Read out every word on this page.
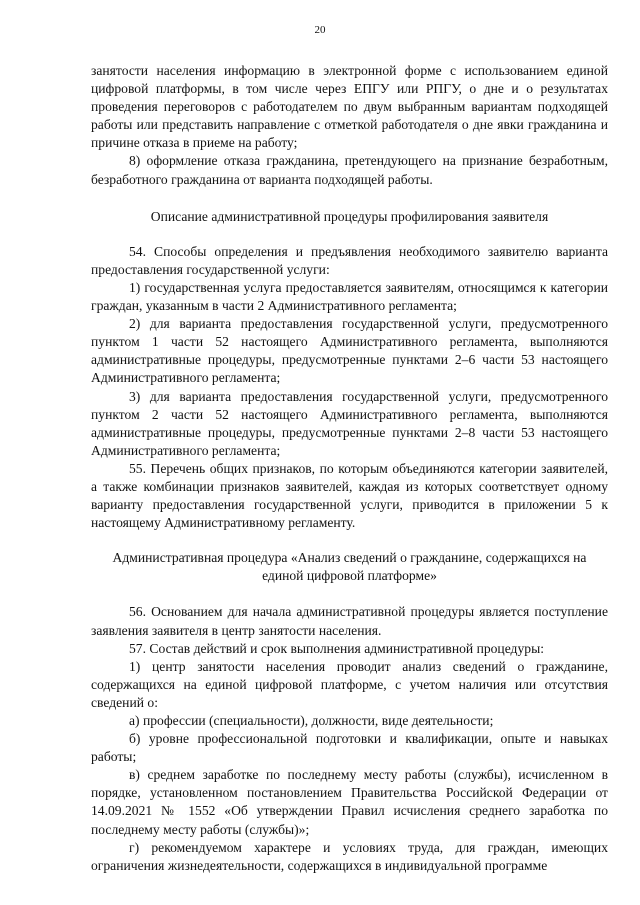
20

занятости населения информацию в электронной форме с использованием единой цифровой платформы, в том числе через ЕПГУ или РПГУ, о дне и о результатах проведения переговоров с работодателем по двум выбранным вариантам подходящей работы или представить направление с отметкой работодателя о дне явки гражданина и причине отказа в приеме на работу;

8) оформление отказа гражданина, претендующего на признание безработным, безработного гражданина от варианта подходящей работы.

Описание административной процедуры профилирования заявителя

54. Способы определения и предъявления необходимого заявителю варианта предоставления государственной услуги:

1) государственная услуга предоставляется заявителям, относящимся к категории граждан, указанным в части 2 Административного регламента;

2) для варианта предоставления государственной услуги, предусмотренного пунктом 1 части 52 настоящего Административного регламента, выполняются административные процедуры, предусмотренные пунктами 2–6 части 53 настоящего Административного регламента;

3) для варианта предоставления государственной услуги, предусмотренного пунктом 2 части 52 настоящего Административного регламента, выполняются административные процедуры, предусмотренные пунктами 2–8 части 53 настоящего Административного регламента;

55. Перечень общих признаков, по которым объединяются категории заявителей, а также комбинации признаков заявителей, каждая из которых соответствует одному варианту предоставления государственной услуги, приводится в приложении 5 к настоящему Административному регламенту.

Административная процедура «Анализ сведений о гражданине, содержащихся на единой цифровой платформе»

56. Основанием для начала административной процедуры является поступление заявления заявителя в центр занятости населения.

57. Состав действий и срок выполнения административной процедуры:

1) центр занятости населения проводит анализ сведений о гражданине, содержащихся на единой цифровой платформе, с учетом наличия или отсутствия сведений о:

а) профессии (специальности), должности, виде деятельности;

б) уровне профессиональной подготовки и квалификации, опыте и навыках работы;

в) среднем заработке по последнему месту работы (службы), исчисленном в порядке, установленном постановлением Правительства Российской Федерации от 14.09.2021 № 1552 «Об утверждении Правил исчисления среднего заработка по последнему месту работы (службы)»;

г) рекомендуемом характере и условиях труда, для граждан, имеющих ограничения жизнедеятельности, содержащихся в индивидуальной программе
